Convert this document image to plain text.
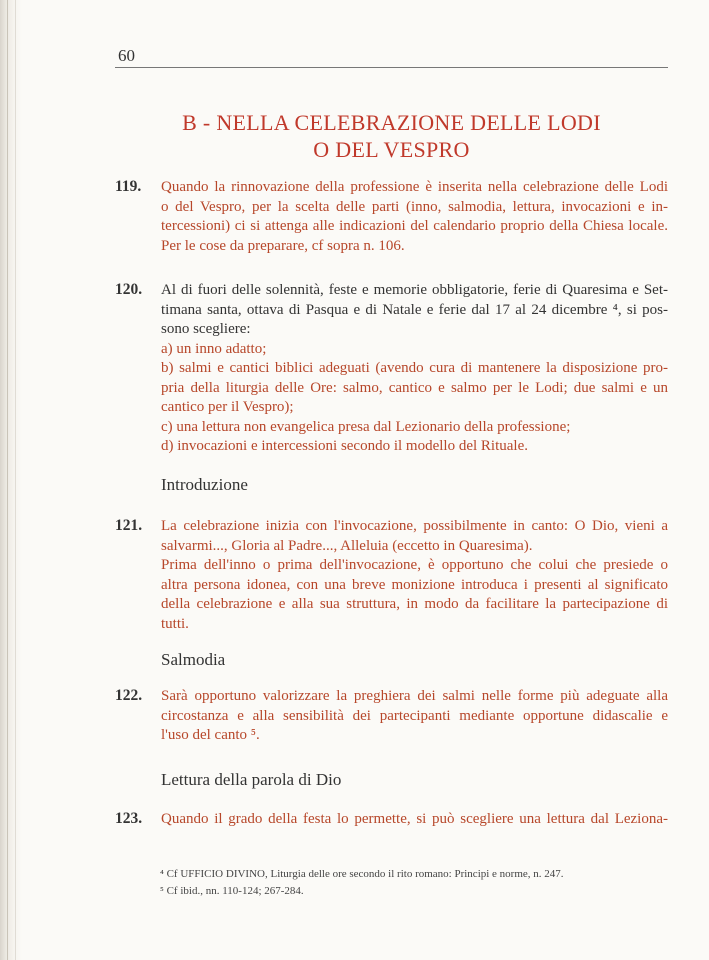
60
B - NELLA CELEBRAZIONE DELLE LODI
O DEL VESPRO
119.	Quando la rinnovazione della professione è inserita nella celebrazione delle Lodi
o del Vespro, per la scelta delle parti (inno, salmodia, lettura, invocazioni e in-
tercessioni) ci si attenga alle indicazioni del calendario proprio della Chiesa locale.
Per le cose da preparare, cf sopra n. 106.
120.	Al di fuori delle solennità, feste e memorie obbligatorie, ferie di Quaresima e Set-
timana santa, ottava di Pasqua e di Natale e ferie dal 17 al 24 dicembre ⁴, si pos-
sono scegliere:
a) un inno adatto;
b) salmi e cantici biblici adeguati (avendo cura di mantenere la disposizione pro-
pria della liturgia delle Ore: salmo, cantico e salmo per le Lodi; due salmi e un
cantico per il Vespro);
c) una lettura non evangelica presa dal Lezionario della professione;
d) invocazioni e intercessioni secondo il modello del Rituale.
Introduzione
121.	La celebrazione inizia con l'invocazione, possibilmente in canto: O Dio, vieni a
salvarmi..., Gloria al Padre..., Alleluia (eccetto in Quaresima).
Prima dell'inno o prima dell'invocazione, è opportuno che colui che presiede o
altra persona idonea, con una breve monizione introduca i presenti al significato
della celebrazione e alla sua struttura, in modo da facilitare la partecipazione di
tutti.
Salmodia
122.	Sarà opportuno valorizzare la preghiera dei salmi nelle forme più adeguate alla
circostanza e alla sensibilità dei partecipanti mediante opportune didascalie e
l'uso del canto ⁵.
Lettura della parola di Dio
123.	Quando il grado della festa lo permette, si può scegliere una lettura dal Leziona-
⁴ Cf UFFICIO DIVINO, Liturgia delle ore secondo il rito romano: Principi e norme, n. 247.
⁵ Cf ibid., nn. 110-124; 267-284.
